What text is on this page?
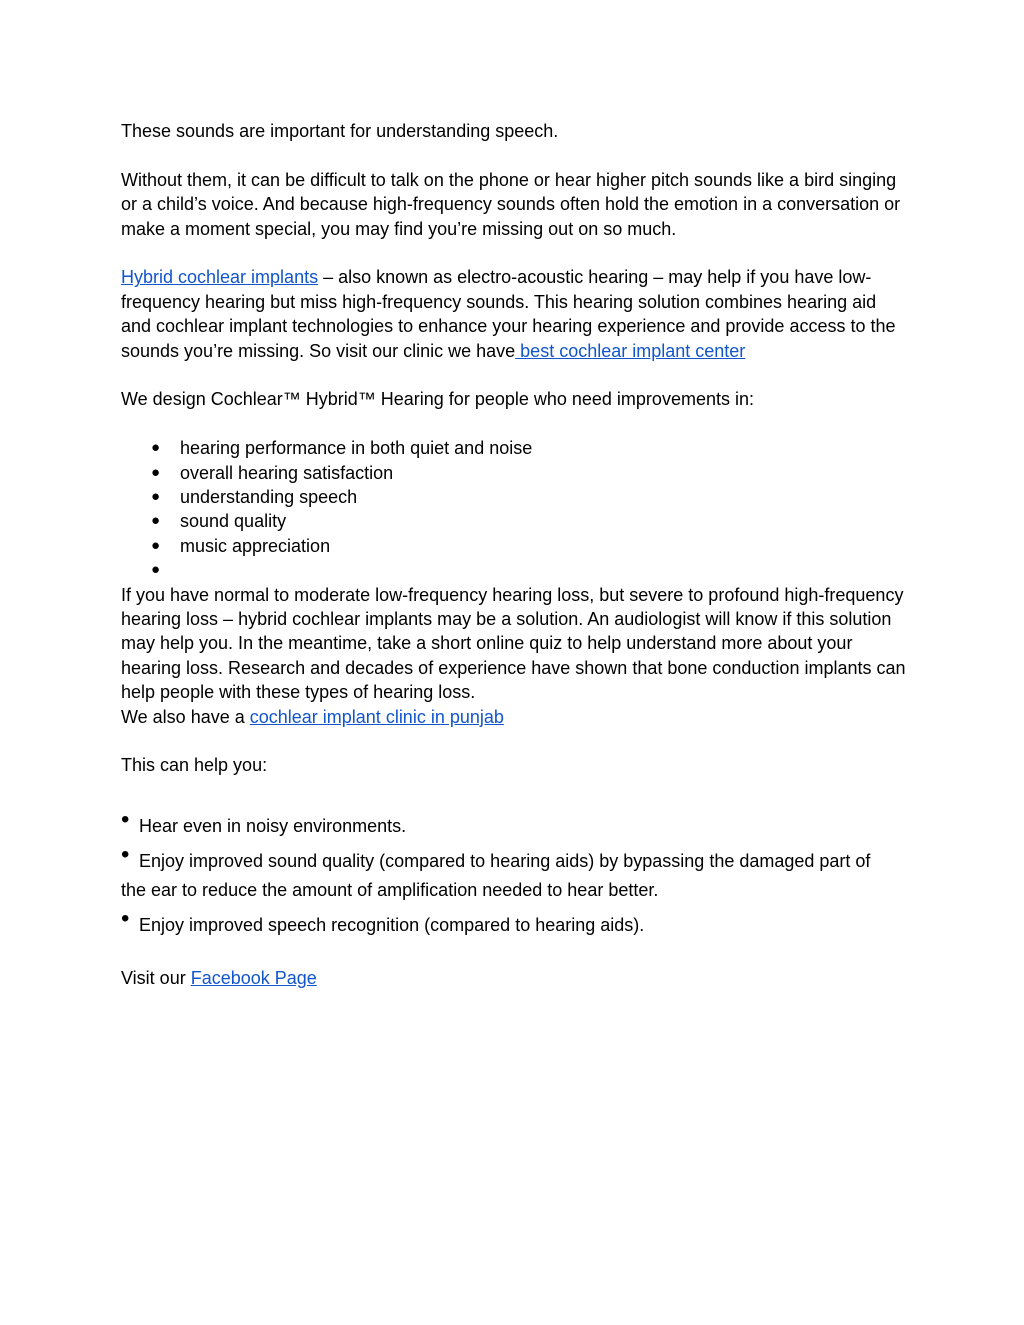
These sounds are important for understanding speech.

Without them, it can be difficult to talk on the phone or hear higher pitch sounds like a bird singing or a child’s voice. And because high-frequency sounds often hold the emotion in a conversation or make a moment special, you may find you’re missing out on so much.

Hybrid cochlear implants – also known as electro-acoustic hearing – may help if you have low-frequency hearing but miss high-frequency sounds. This hearing solution combines hearing aid and cochlear implant technologies to enhance your hearing experience and provide access to the sounds you’re missing. So visit our clinic we have best cochlear implant center

We design Cochlear™ Hybrid™ Hearing for people who need improvements in:

● hearing performance in both quiet and noise
● overall hearing satisfaction
● understanding speech
● sound quality
● music appreciation
●

If you have normal to moderate low-frequency hearing loss, but severe to profound high-frequency hearing loss – hybrid cochlear implants may be a solution. An audiologist will know if this solution may help you. In the meantime, take a short online quiz to help understand more about your hearing loss. Research and decades of experience have shown that bone conduction implants can help people with these types of hearing loss.

We also have a cochlear implant clinic in punjab

This can help you:

• Hear even in noisy environments.
• Enjoy improved sound quality (compared to hearing aids) by bypassing the damaged part of
the ear to reduce the amount of amplification needed to hear better.
• Enjoy improved speech recognition (compared to hearing aids).

Visit our Facebook Page
